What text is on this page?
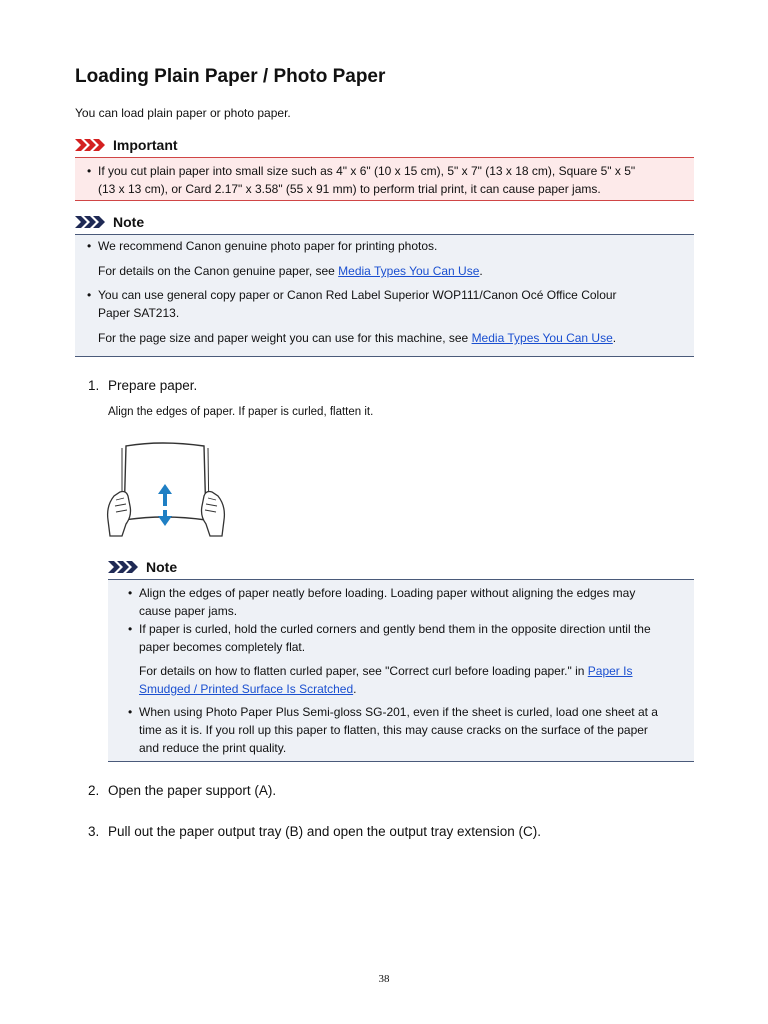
Loading Plain Paper / Photo Paper

You can load plain paper or photo paper.

Important
• If you cut plain paper into small size such as 4" x 6" (10 x 15 cm), 5" x 7" (13 x 18 cm), Square 5" x 5"
(13 x 13 cm), or Card 2.17" x 3.58" (55 x 91 mm) to perform trial print, it can cause paper jams.
Note
• We recommend Canon genuine photo paper for printing photos.
For details on the Canon genuine paper, see Media Types You Can Use.
• You can use general copy paper or Canon Red Label Superior WOP111/Canon Océ Office Colour
Paper SAT213.
For the page size and paper weight you can use for this machine, see Media Types You Can Use.
1. Prepare paper.
Align the edges of paper. If paper is curled, flatten it.
Note
• Align the edges of paper neatly before loading. Loading paper without aligning the edges may
cause paper jams.
• If paper is curled, hold the curled corners and gently bend them in the opposite direction until the
paper becomes completely flat.
For details on how to flatten curled paper, see "Correct curl before loading paper." in Paper Is
Smudged / Printed Surface Is Scratched.
• When using Photo Paper Plus Semi-gloss SG-201, even if the sheet is curled, load one sheet at a
time as it is. If you roll up this paper to flatten, this may cause cracks on the surface of the paper
and reduce the print quality.
2. Open the paper support (A).
3. Pull out the paper output tray (B) and open the output tray extension (C).
38
